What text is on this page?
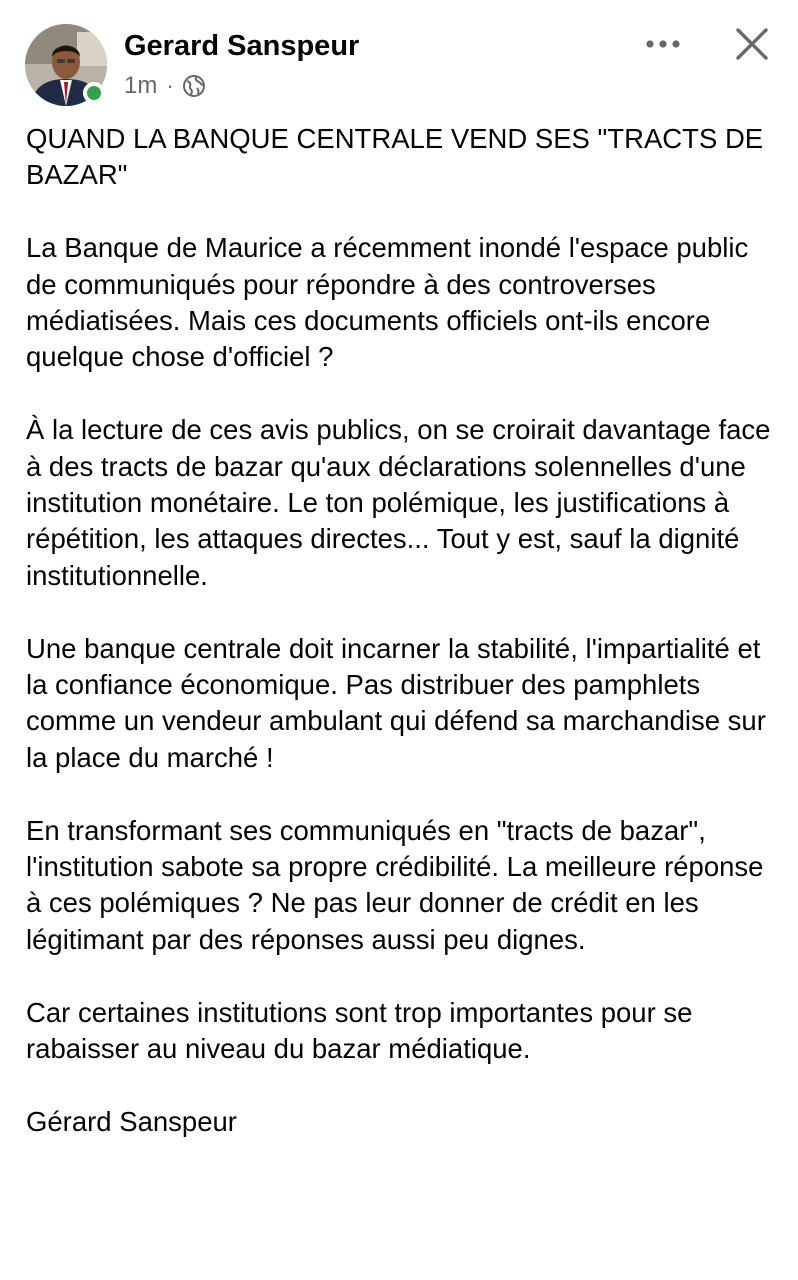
Gerard Sanspeur
1m ·

QUAND LA BANQUE CENTRALE VEND SES "TRACTS DE BAZAR"

La Banque de Maurice a récemment inondé l'espace public de communiqués pour répondre à des controverses médiatisées. Mais ces documents officiels ont-ils encore quelque chose d'officiel ?

À la lecture de ces avis publics, on se croirait davantage face à des tracts de bazar qu'aux déclarations solennelles d'une institution monétaire. Le ton polémique, les justifications à répétition, les attaques directes... Tout y est, sauf la dignité institutionnelle.

Une banque centrale doit incarner la stabilité, l'impartialité et la confiance économique. Pas distribuer des pamphlets comme un vendeur ambulant qui défend sa marchandise sur la place du marché !

En transformant ses communiqués en "tracts de bazar", l'institution sabote sa propre crédibilité. La meilleure réponse à ces polémiques ? Ne pas leur donner de crédit en les légitimant par des réponses aussi peu dignes.

Car certaines institutions sont trop importantes pour se rabaisser au niveau du bazar médiatique.

Gérard Sanspeur
